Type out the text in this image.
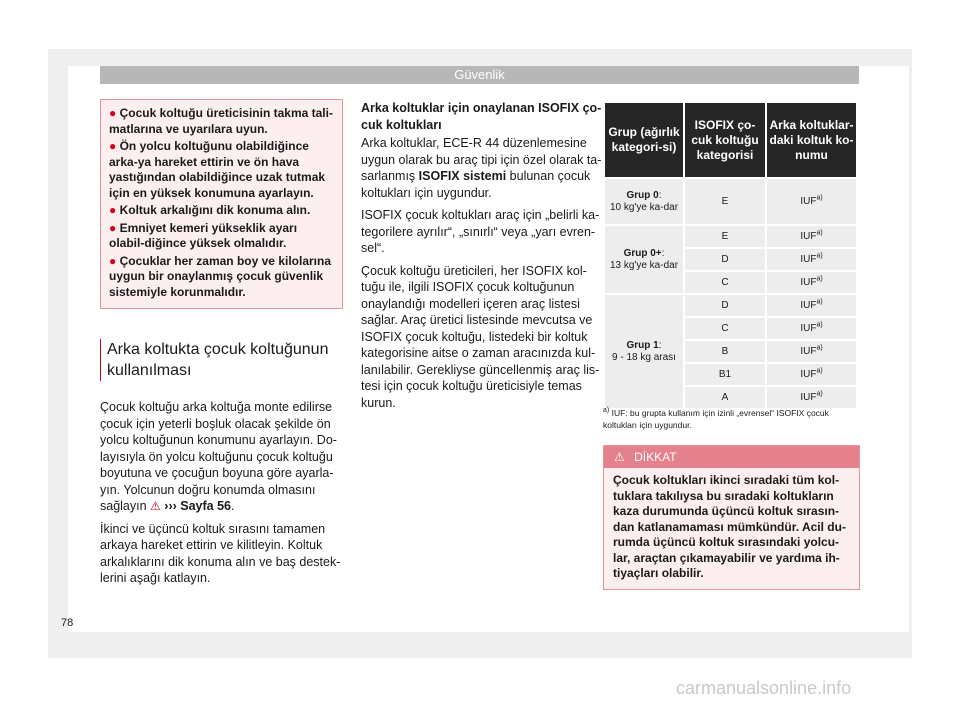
Güvenlik
● Çocuk koltuğu üreticisinin takma tali-matlarına ve uyarılara uyun.
● Ön yolcu koltuğunu olabildiğince arka-ya hareket ettirin ve ön hava yastığından olabildiğince uzak tutmak için en yüksek konumuna ayarlayın.
● Koltuk arkalığını dik konuma alın.
● Emniyet kemeri yükseklik ayarı olabil-diğince yüksek olmalıdır.
● Çocuklar her zaman boy ve kilolarına uygun bir onaylanmış çocuk güvenlik sistemiyle korunmalıdır.
Arka koltukta çocuk koltuğunun kullanılması

Çocuk koltuğu arka koltuğa monte edilirse çocuk için yeterli boşluk olacak şekilde ön yolcu koltuğunun konumunu ayarlayın. Do-layısıyla ön yolcu koltuğunu çocuk koltuğu boyutuna ve çocuğun boyuna göre ayarla-yın. Yolcunun doğru konumda olmasını sağlayın ⚠ ››› Sayfa 56.

İkinci ve üçüncü koltuk sırasını tamamen arkaya hareket ettirin ve kilitleyin. Koltuk arkalıklarını dik konuma alın ve baş destek-lerini aşağı katlayın.

Arka koltuklar için onaylanan ISOFIX ço-cuk koltukları

Arka koltuklar, ECE-R 44 düzenlemesine uygun olarak bu araç tipi için özel olarak ta-sarlanmış ISOFIX sistemi bulunan çocuk koltukları için uygundur.

ISOFIX çocuk koltukları araç için „belirli ka-tegorilere ayrılır“, „sınırlı“ veya „yarı evren-sel“.

Çocuk koltuğu üreticileri, her ISOFIX kol-tuğu ile, ilgili ISOFIX çocuk koltuğunun onaylandığı modelleri içeren araç listesi sağlar. Araç üretici listesinde mevcutsa ve ISOFIX çocuk koltuğu, listedeki bir koltuk kategorisine aitse o zaman aracınızda kul-lanılabilir. Gerekliyse güncellenmiş araç lis-tesi için çocuk koltuğu üreticisiyle temas kurun.

Grup (ağırlık kategori-si)	ISOFIX ço-cuk koltuğu kategorisi	Arka koltuklar-daki koltuk ko-numu
Grup 0:
10 kg'ye ka-dar	E	IUF$^{a)}$
Grup 0+:
13 kg'ye ka-dar	E	IUF$^{a)}$
	D	IUF$^{a)}$
	C	IUF$^{a)}$
Grup 1:
9 - 18 kg arası	D	IUF$^{a)}$
	C	IUF$^{a)}$
	B	IUF$^{a)}$
	B1	IUF$^{a)}$
	A	IUF$^{a)}$
$^{a)}$ IUF: bu grupta kullanım için izinli „evrensel“ ISOFIX çocuk koltukları için uygundur.
⚠ DİKKAT
Çocuk koltukları ikinci sıradaki tüm kol-tuklara takılıysa bu sıradaki koltukların kaza durumunda üçüncü koltuk sırasın-dan katlanamaması mümkündür. Acil du-rumda üçüncü koltuk sırasındaki yolcu-lar, araçtan çıkamayabilir ve yardıma ih-tiyaçları olabilir.
78
carmanualsonline.info
